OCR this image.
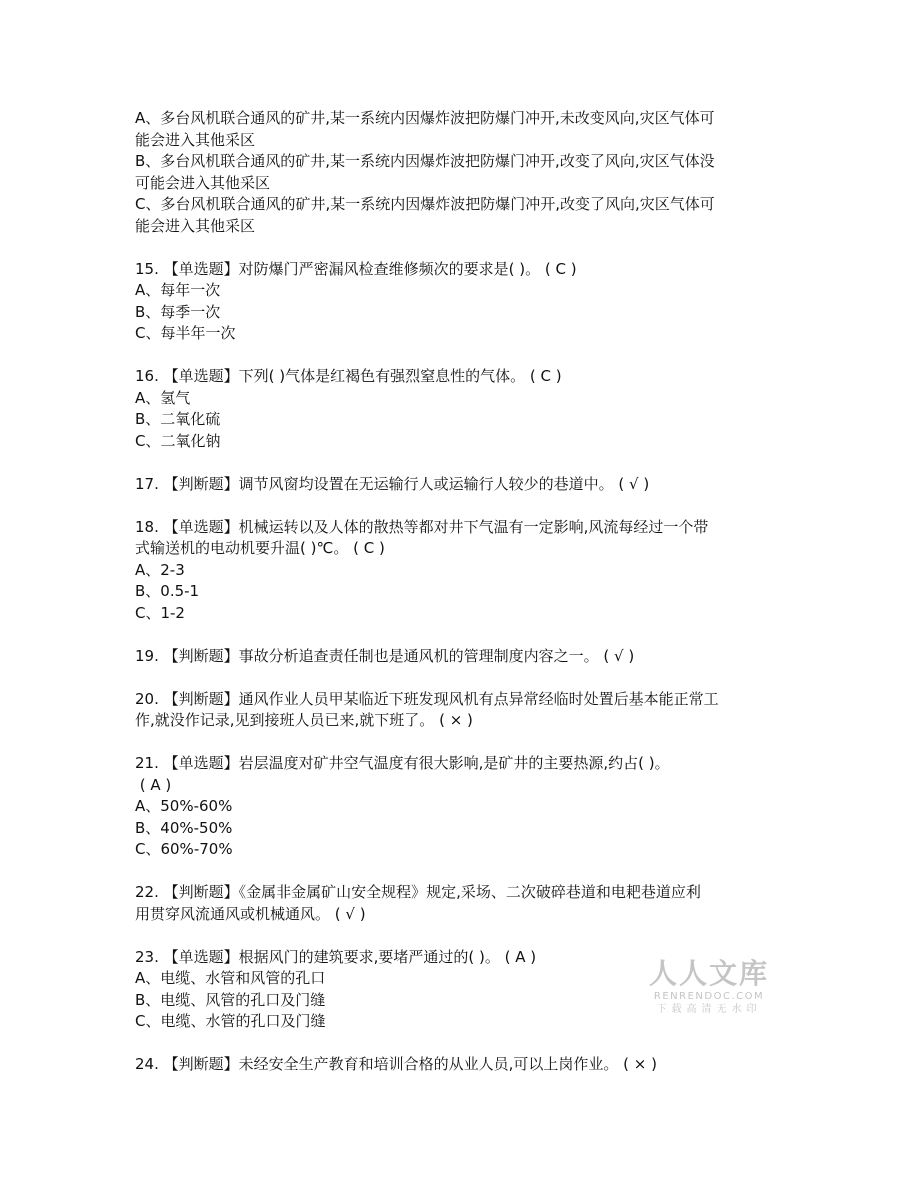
A、多台风机联合通风的矿井,某一系统内因爆炸波把防爆门冲开,未改变风向,灾区气体可
能会进入其他采区
B、多台风机联合通风的矿井,某一系统内因爆炸波把防爆门冲开,改变了风向,灾区气体没
可能会进入其他采区
C、多台风机联合通风的矿井,某一系统内因爆炸波把防爆门冲开,改变了风向,灾区气体可
能会进入其他采区
15. 【单选题】对防爆门严密漏风检查维修频次的要求是( )。 ( C )
A、每年一次
B、每季一次
C、每半年一次
16. 【单选题】下列( )气体是红褐色有强烈窒息性的气体。 ( C )
A、氢气
B、二氧化硫
C、二氧化钠
17. 【判断题】调节风窗均设置在无运输行人或运输行人较少的巷道中。 ( √ )
18. 【单选题】机械运转以及人体的散热等都对井下气温有一定影响,风流每经过一个带
式输送机的电动机要升温( )℃。 ( C )
A、2-3
B、0.5-1
C、1-2
19. 【判断题】事故分析追查责任制也是通风机的管理制度内容之一。 ( √ )
20. 【判断题】通风作业人员甲某临近下班发现风机有点异常经临时处置后基本能正常工
作,就没作记录,见到接班人员已来,就下班了。 ( × )
21. 【单选题】岩层温度对矿井空气温度有很大影响,是矿井的主要热源,约占( )。
( A )
A、50%-60%
B、40%-50%
C、60%-70%
22. 【判断题】《金属非金属矿山安全规程》规定,采场、二次破碎巷道和电耙巷道应利
用贯穿风流通风或机械通风。 ( √ )
23. 【单选题】根据风门的建筑要求,要堵严通过的( )。 ( A )
A、电缆、水管和风管的孔口
B、电缆、风管的孔口及门缝
C、电缆、水管的孔口及门缝
24. 【判断题】未经安全生产教育和培训合格的从业人员,可以上岗作业。 ( × )
人人文库
RENRENDOC.COM
下载高清无水印
